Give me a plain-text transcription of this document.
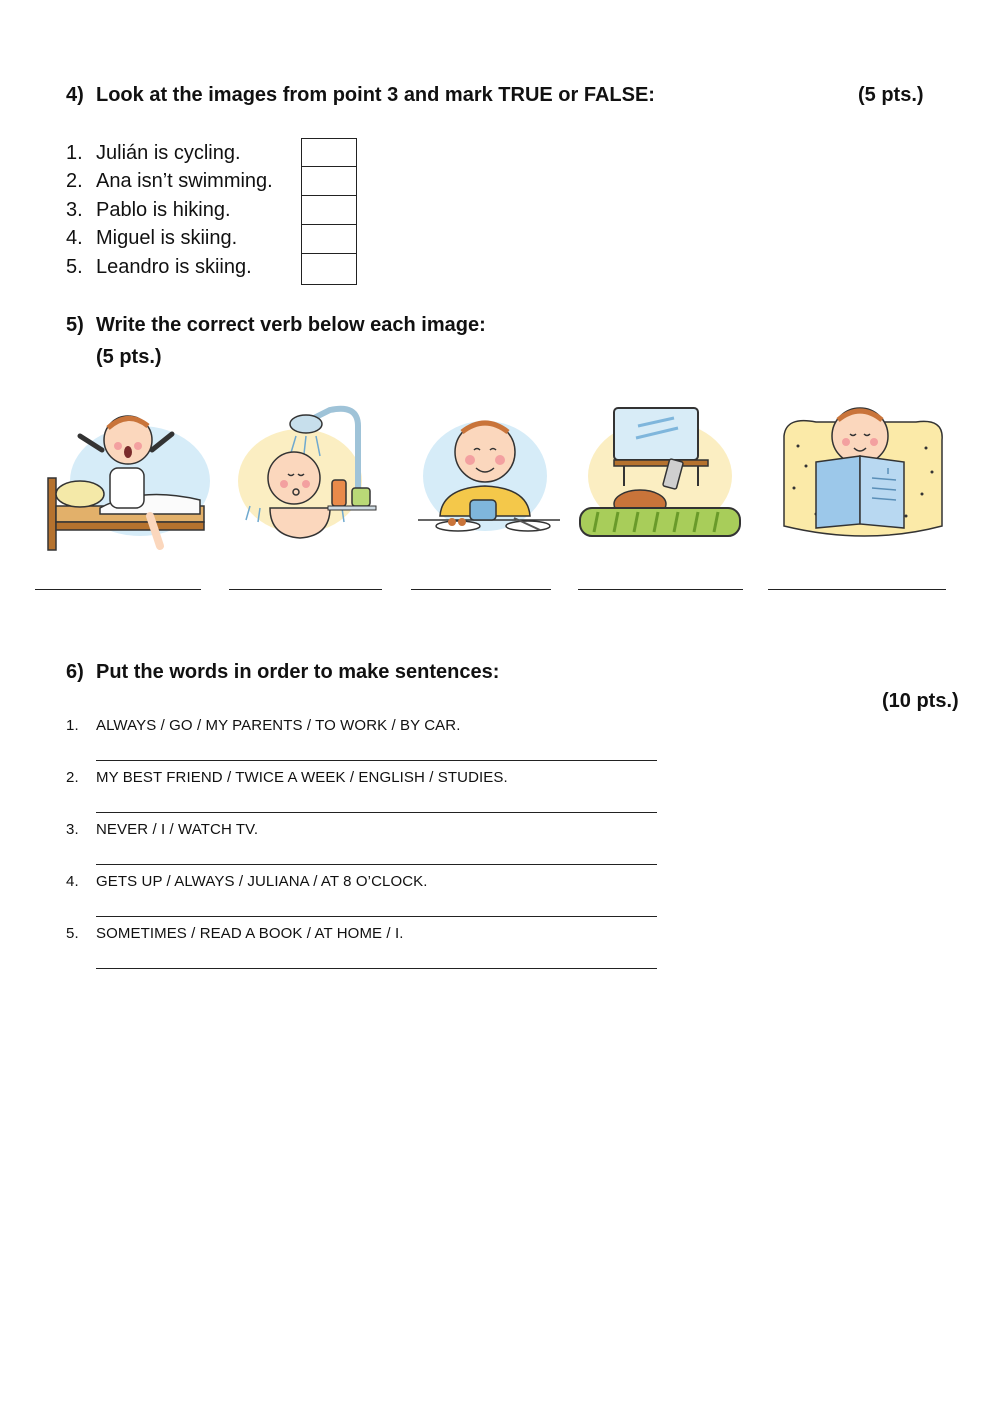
4) Look at the images from point 3 and mark TRUE or FALSE:	(5 pts.)
1. Julián is cycling.
2. Ana isn’t swimming.
3. Pablo is hiking.
4. Miguel is skiing.
5. Leandro is skiing.
5) Write the correct verb below each image:
(5 pts.)
6) Put the words in order to make sentences:
(10 pts.)
1. ALWAYS / GO / MY PARENTS / TO WORK / BY CAR.
2. MY BEST FRIEND / TWICE A WEEK / ENGLISH / STUDIES.
3. NEVER / I / WATCH TV.
4. GETS UP / ALWAYS / JULIANA / AT 8 O’CLOCK.
5. SOMETIMES / READ A BOOK / AT HOME / I.
